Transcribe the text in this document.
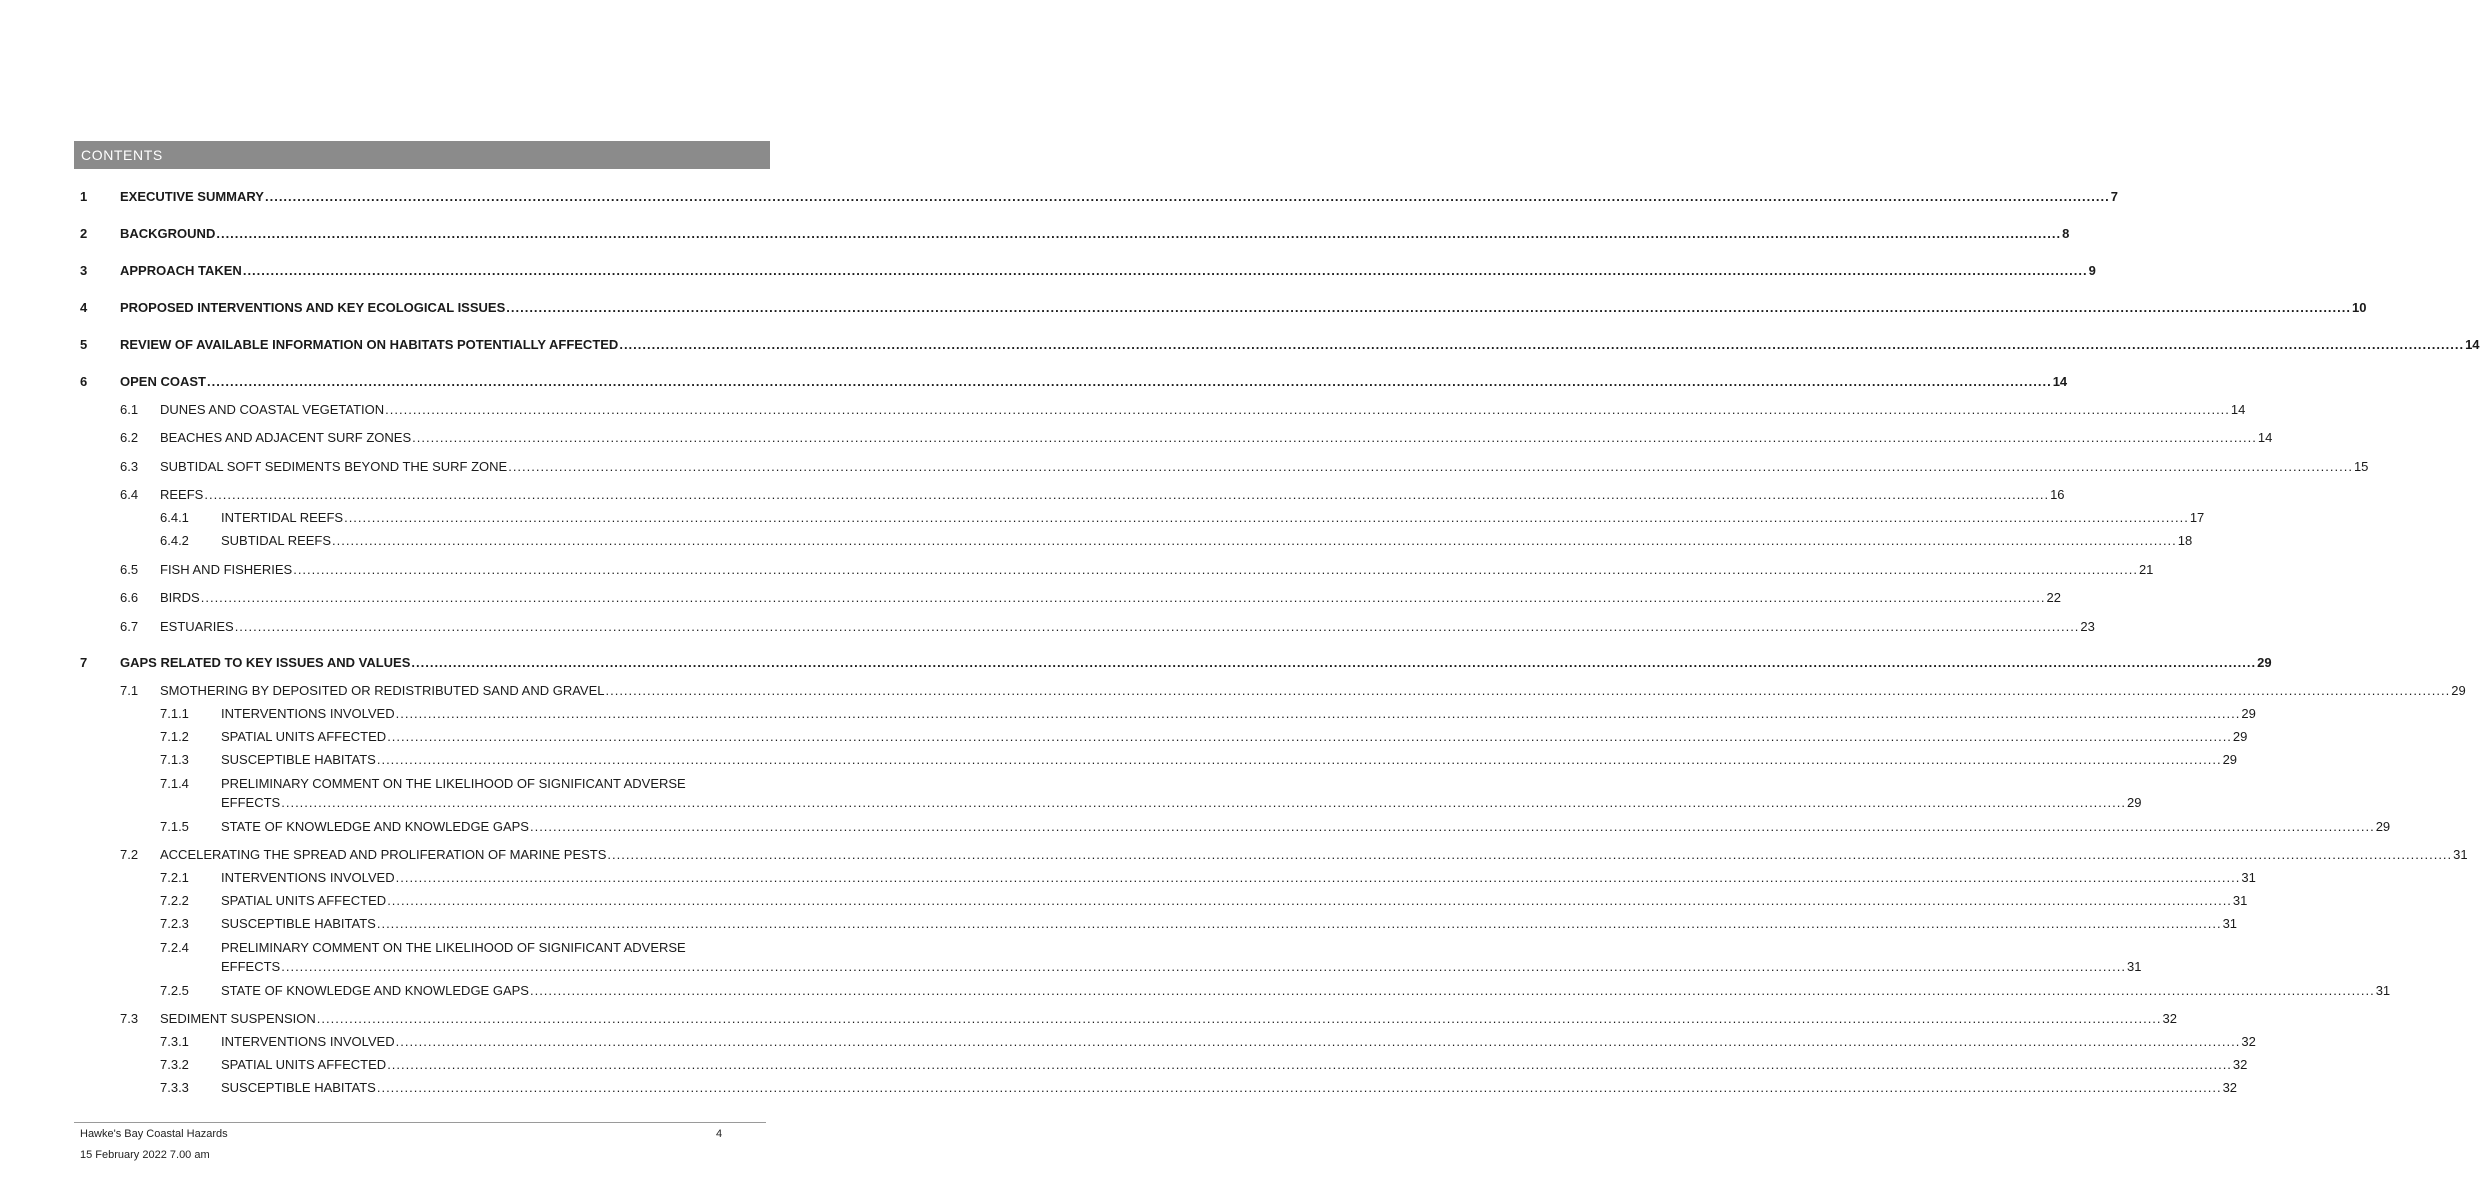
CONTENTS
1	EXECUTIVE SUMMARY ................................................................................................................................................................................................................................................................................................................................................................................................................ 7
2	BACKGROUND ................................................................................................................................................................................................................................................................................................................................................................................................................ 8
3	APPROACH TAKEN ................................................................................................................................................................................................................................................................................................................................................................................................................ 9
4	PROPOSED INTERVENTIONS AND KEY ECOLOGICAL ISSUES ................................................................................................................................................................................................................................................................................................................................................................................................................ 10
5	REVIEW OF AVAILABLE INFORMATION ON HABITATS POTENTIALLY AFFECTED ................................................................................................................................................................................................................................................................................................................................................................................................................ 14
6	OPEN COAST ................................................................................................................................................................................................................................................................................................................................................................................................................ 14
6.1 DUNES AND COASTAL VEGETATION ................................................................................................................................................................................................................................................................................................................................................................................................................ 14
6.2 BEACHES AND ADJACENT SURF ZONES ................................................................................................................................................................................................................................................................................................................................................................................................................ 14
6.3 SUBTIDAL SOFT SEDIMENTS BEYOND THE SURF ZONE ................................................................................................................................................................................................................................................................................................................................................................................................................ 15
6.4 REEFS ................................................................................................................................................................................................................................................................................................................................................................................................................ 16
6.4.1 INTERTIDAL REEFS ................................................................................................................................................................................................................................................................................................................................................................................................................ 17
6.4.2 SUBTIDAL REEFS ................................................................................................................................................................................................................................................................................................................................................................................................................ 18
6.5 FISH AND FISHERIES ................................................................................................................................................................................................................................................................................................................................................................................................................ 21
6.6 BIRDS ................................................................................................................................................................................................................................................................................................................................................................................................................ 22
6.7 ESTUARIES ................................................................................................................................................................................................................................................................................................................................................................................................................ 23
7	GAPS RELATED TO KEY ISSUES AND VALUES ................................................................................................................................................................................................................................................................................................................................................................................................................ 29
7.1 SMOTHERING BY DEPOSITED OR REDISTRIBUTED SAND AND GRAVEL ................................................................................................................................................................................................................................................................................................................................................................................................................ 29
7.1.1 INTERVENTIONS INVOLVED ................................................................................................................................................................................................................................................................................................................................................................................................................ 29
7.1.2 SPATIAL UNITS AFFECTED ................................................................................................................................................................................................................................................................................................................................................................................................................ 29
7.1.3 SUSCEPTIBLE HABITATS ................................................................................................................................................................................................................................................................................................................................................................................................................ 29
7.1.4 PRELIMINARY COMMENT ON THE LIKELIHOOD OF SIGNIFICANT ADVERSE
EFFECTS ................................................................................................................................................................................................................................................................................................................................................................................................................ 29
7.1.5 STATE OF KNOWLEDGE AND KNOWLEDGE GAPS ................................................................................................................................................................................................................................................................................................................................................................................................................ 29
7.2 ACCELERATING THE SPREAD AND PROLIFERATION OF MARINE PESTS ................................................................................................................................................................................................................................................................................................................................................................................................................ 31
7.2.1 INTERVENTIONS INVOLVED ................................................................................................................................................................................................................................................................................................................................................................................................................ 31
7.2.2 SPATIAL UNITS AFFECTED ................................................................................................................................................................................................................................................................................................................................................................................................................ 31
7.2.3 SUSCEPTIBLE HABITATS ................................................................................................................................................................................................................................................................................................................................................................................................................ 31
7.2.4 PRELIMINARY COMMENT ON THE LIKELIHOOD OF SIGNIFICANT ADVERSE
EFFECTS ................................................................................................................................................................................................................................................................................................................................................................................................................ 31
7.2.5 STATE OF KNOWLEDGE AND KNOWLEDGE GAPS ................................................................................................................................................................................................................................................................................................................................................................................................................ 31
7.3 SEDIMENT SUSPENSION ................................................................................................................................................................................................................................................................................................................................................................................................................ 32
7.3.1 INTERVENTIONS INVOLVED ................................................................................................................................................................................................................................................................................................................................................................................................................ 32
7.3.2 SPATIAL UNITS AFFECTED ................................................................................................................................................................................................................................................................................................................................................................................................................ 32
7.3.3 SUSCEPTIBLE HABITATS ................................................................................................................................................................................................................................................................................................................................................................................................................ 32
Hawke's Bay Coastal Hazards	4
15 February 2022 7.00 am
